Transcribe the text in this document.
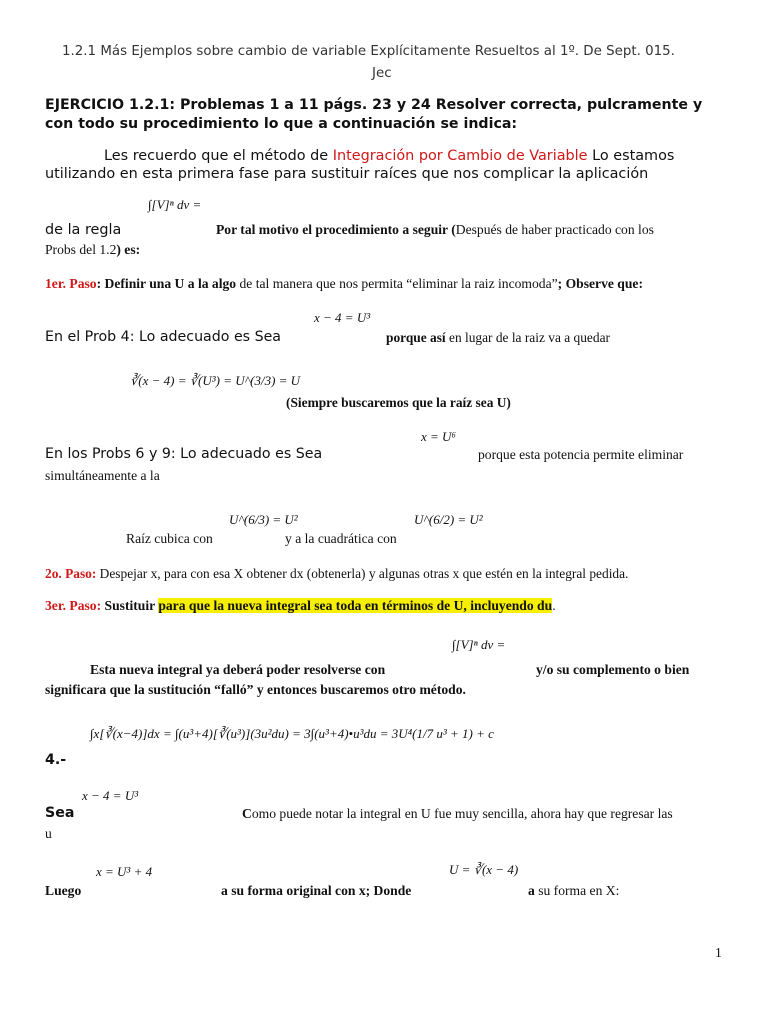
1.2.1 Más Ejemplos sobre cambio de variable Explícitamente Resueltos al 1º. De Sept. 015.
Jec
EJERCICIO 1.2.1: Problemas 1 a 11 págs. 23 y 24 Resolver correcta, pulcramente y
con todo su procedimiento lo que a continuación se indica:
Les recuerdo que el método de Integración por Cambio de Variable Lo estamos
utilizando en esta primera fase para sustituir raíces que nos complicar la aplicación
∫[V]ⁿ dv =
de la regla	Por tal motivo el procedimiento a seguir (Después de haber practicado con los
Probs del 1.2) es:
1er. Paso: Definir una U a la algo de tal manera que nos permita “eliminar la raiz incomoda”; Observe que:
x − 4 = U³
En el Prob 4: Lo adecuado es Sea	porque así en lugar de la raiz va a quedar
∛(x − 4) = ∛(U³) = U^(3/3) = U
(Siempre buscaremos que la raíz sea U)
x = U⁶
En los Probs 6 y 9: Lo adecuado es Sea	porque esta potencia permite eliminar
simultáneamente a la
U^(6/3) = U²	U^(6/2) = U²
Raíz cubica con	y a la cuadrática con
2o. Paso: Despejar x, para con esa X obtener dx (obtenerla) y algunas otras x que estén en la integral pedida.
3er. Paso: Sustituir para que la nueva integral sea toda en términos de U, incluyendo du.
∫[V]ⁿ dv =
Esta nueva integral ya deberá poder resolverse con	y/o su complemento o bien
significara que la sustitución “falló” y entonces buscaremos otro método.
∫x[∛(x−4)]dx = ∫(u³+4)[∛(u³)](3u²du) = 3∫(u³+4)•u³du = 3U⁴(1/7 u³ + 1) + c
4.-
x − 4 = U³
Sea	Como puede notar la integral en U fue muy sencilla, ahora hay que regresar las
u
x = U³ + 4	U = ∛(x − 4)
Luego	a su forma original con x; Donde	a su forma en X:
1
